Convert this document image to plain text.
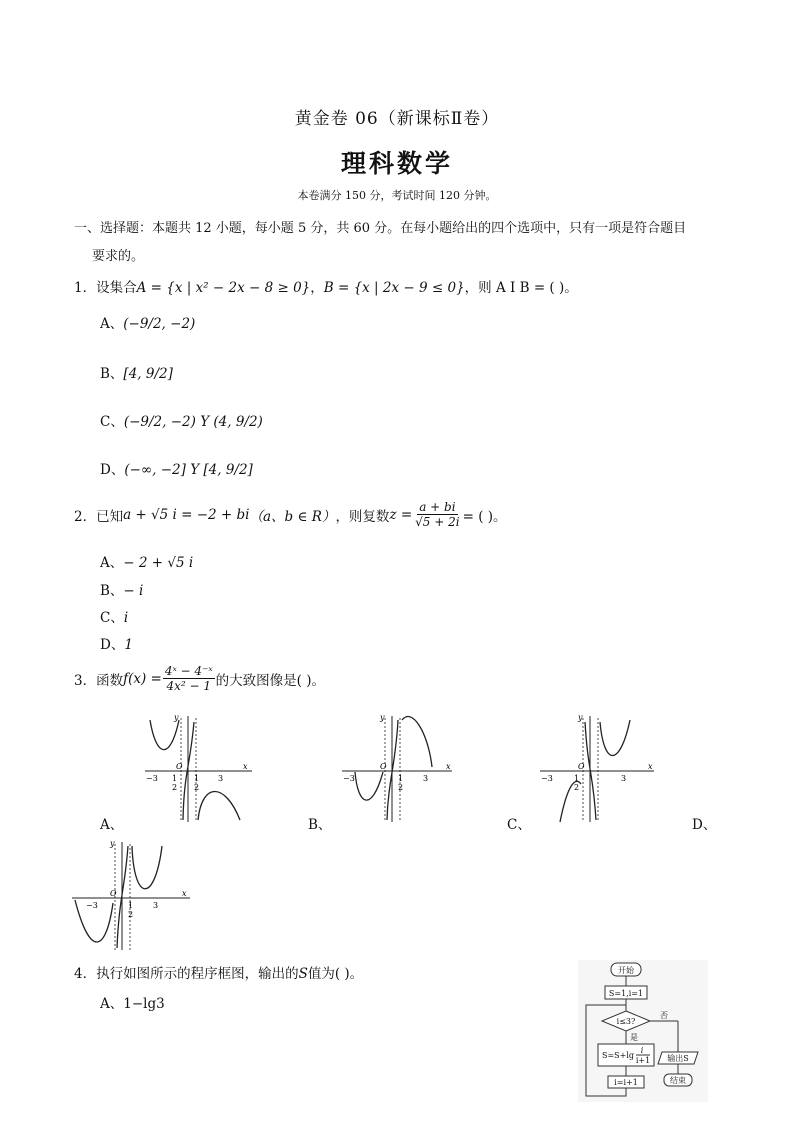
黄金卷 06（新课标Ⅱ卷）
理科数学
本卷满分 150 分，考试时间 120 分钟。
一、选择题：本题共 12 小题，每小题 5 分，共 60 分。在每小题给出的四个选项中，只有一项是符合题目
要求的。
1．设集合A = {x | x² − 2x − 8 ≥ 0}，B = {x | 2x − 9 ≤ 0}，则 A I B = ( )。
A、(−9/2, −2)
B、[4, 9/2]
C、(−9/2, −2) Y (4, 9/2)
D、(−∞, −2] Y [4, 9/2]
2．已知 a + √5 i = −2 + bi （a、b ∈ R） ，则复数 $z = \frac{a + bi}{√5 + 2i}$ = ( )。
A、− 2 + √5 i
B、− i
C、i
D、1
3．函数 $f(x) = \frac{\text{4ˣ − 4⁻ˣ}}{\text{4x² − 1}}$ 的大致图像是( )。
y
x
O
−3	3
1
2
1
2
y
x
O
−3	3
1
2
y
x
O
−3	3
1
2
A、	B、	C、	D、
y
x
O
−3	3
1
2
4．执行如图所示的程序框图，输出的S值为( )。
A、1−lg3
开始
S=1,i=1
i≤3?
否
是
S=S+lg
i
i+1 输出S
结束
i=i+1
